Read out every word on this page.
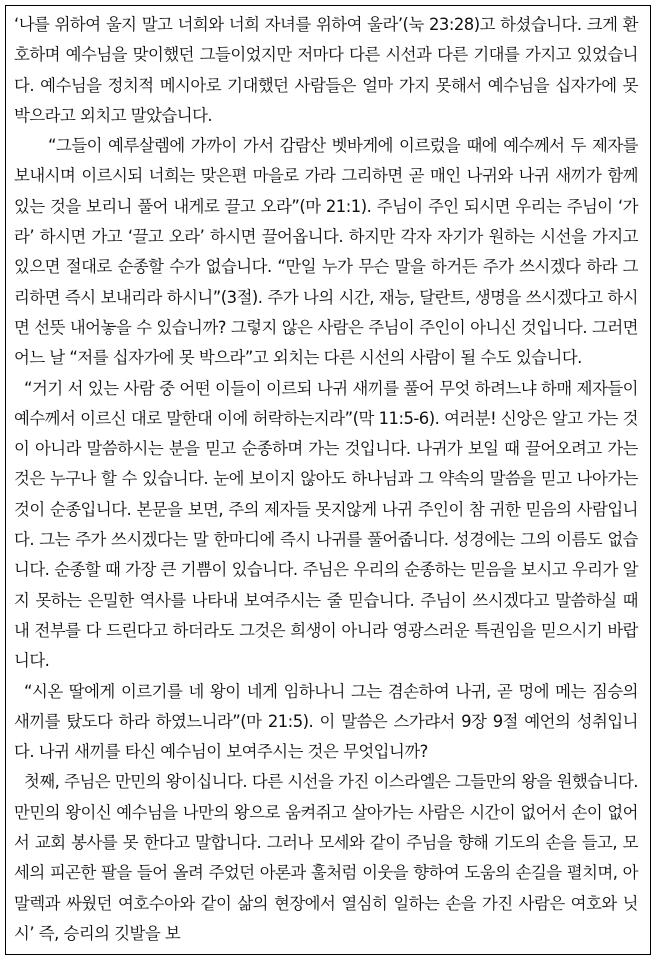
‘나를 위하여 울지 말고 너희와 너희 자녀를 위하여 울라’(눅 23:28)고 하셨습니다. 크게 환호하며 예수님을 맞이했던 그들이었지만 저마다 다른 시선과 다른 기대를 가지고 있었습니다. 예수님을 정치적 메시아로 기대했던 사람들은 얼마 가지 못해서 예수님을 십자가에 못 박으라고 외치고 말았습니다.

“그들이 예루살렘에 가까이 가서 감람산 벳바게에 이르렀을 때에 예수께서 두 제자를 보내시며 이르시되 너희는 맞은편 마을로 가라 그리하면 곧 매인 나귀와 나귀 새끼가 함께 있는 것을 보리니 풀어 내게로 끌고 오라”(마 21:1). 주님이 주인 되시면 우리는 주님이 ‘가라’ 하시면 가고 ‘끌고 오라’ 하시면 끌어옵니다. 하지만 각자 자기가 원하는 시선을 가지고 있으면 절대로 순종할 수가 없습니다. “만일 누가 무슨 말을 하거든 주가 쓰시겠다 하라 그리하면 즉시 보내리라 하시니”(3절). 주가 나의 시간, 재능, 달란트, 생명을 쓰시겠다고 하시면 선뜻 내어놓을 수 있습니까? 그렇지 않은 사람은 주님이 주인이 아니신 것입니다. 그러면 어느 날 “저를 십자가에 못 박으라”고 외치는 다른 시선의 사람이 될 수도 있습니다.

“거기 서 있는 사람 중 어떤 이들이 이르되 나귀 새끼를 풀어 무엇 하려느냐 하매 제자들이 예수께서 이르신 대로 말한대 이에 허락하는지라”(막 11:5-6). 여러분! 신앙은 알고 가는 것이 아니라 말씀하시는 분을 믿고 순종하며 가는 것입니다. 나귀가 보일 때 끌어오려고 가는 것은 누구나 할 수 있습니다. 눈에 보이지 않아도 하나님과 그 약속의 말씀을 믿고 나아가는 것이 순종입니다. 본문을 보면, 주의 제자들 못지않게 나귀 주인이 참 귀한 믿음의 사람입니다. 그는 주가 쓰시겠다는 말 한마디에 즉시 나귀를 풀어줍니다. 성경에는 그의 이름도 없습니다. 순종할 때 가장 큰 기쁨이 있습니다. 주님은 우리의 순종하는 믿음을 보시고 우리가 알지 못하는 은밀한 역사를 나타내 보여주시는 줄 믿습니다. 주님이 쓰시겠다고 말씀하실 때 내 전부를 다 드린다고 하더라도 그것은 희생이 아니라 영광스러운 특권임을 믿으시기 바랍니다.

“시온 딸에게 이르기를 네 왕이 네게 임하나니 그는 겸손하여 나귀, 곧 멍에 메는 짐승의 새끼를 탔도다 하라 하였느니라”(마 21:5). 이 말씀은 스가랴서 9장 9절 예언의 성취입니다. 나귀 새끼를 타신 예수님이 보여주시는 것은 무엇입니까?

첫째, 주님은 만민의 왕이십니다. 다른 시선을 가진 이스라엘은 그들만의 왕을 원했습니다. 만민의 왕이신 예수님을 나만의 왕으로 움켜쥐고 살아가는 사람은 시간이 없어서 손이 없어서 교회 봉사를 못 한다고 말합니다. 그러나 모세와 같이 주님을 향해 기도의 손을 들고, 모세의 피곤한 팔을 들어 올려 주었던 아론과 훌처럼 이웃을 향하여 도움의 손길을 펼치며, 아말렉과 싸웠던 여호수아와 같이 삶의 현장에서 열심히 일하는 손을 가진 사람은 여호와 닛시’ 즉, 승리의 깃발을 보
